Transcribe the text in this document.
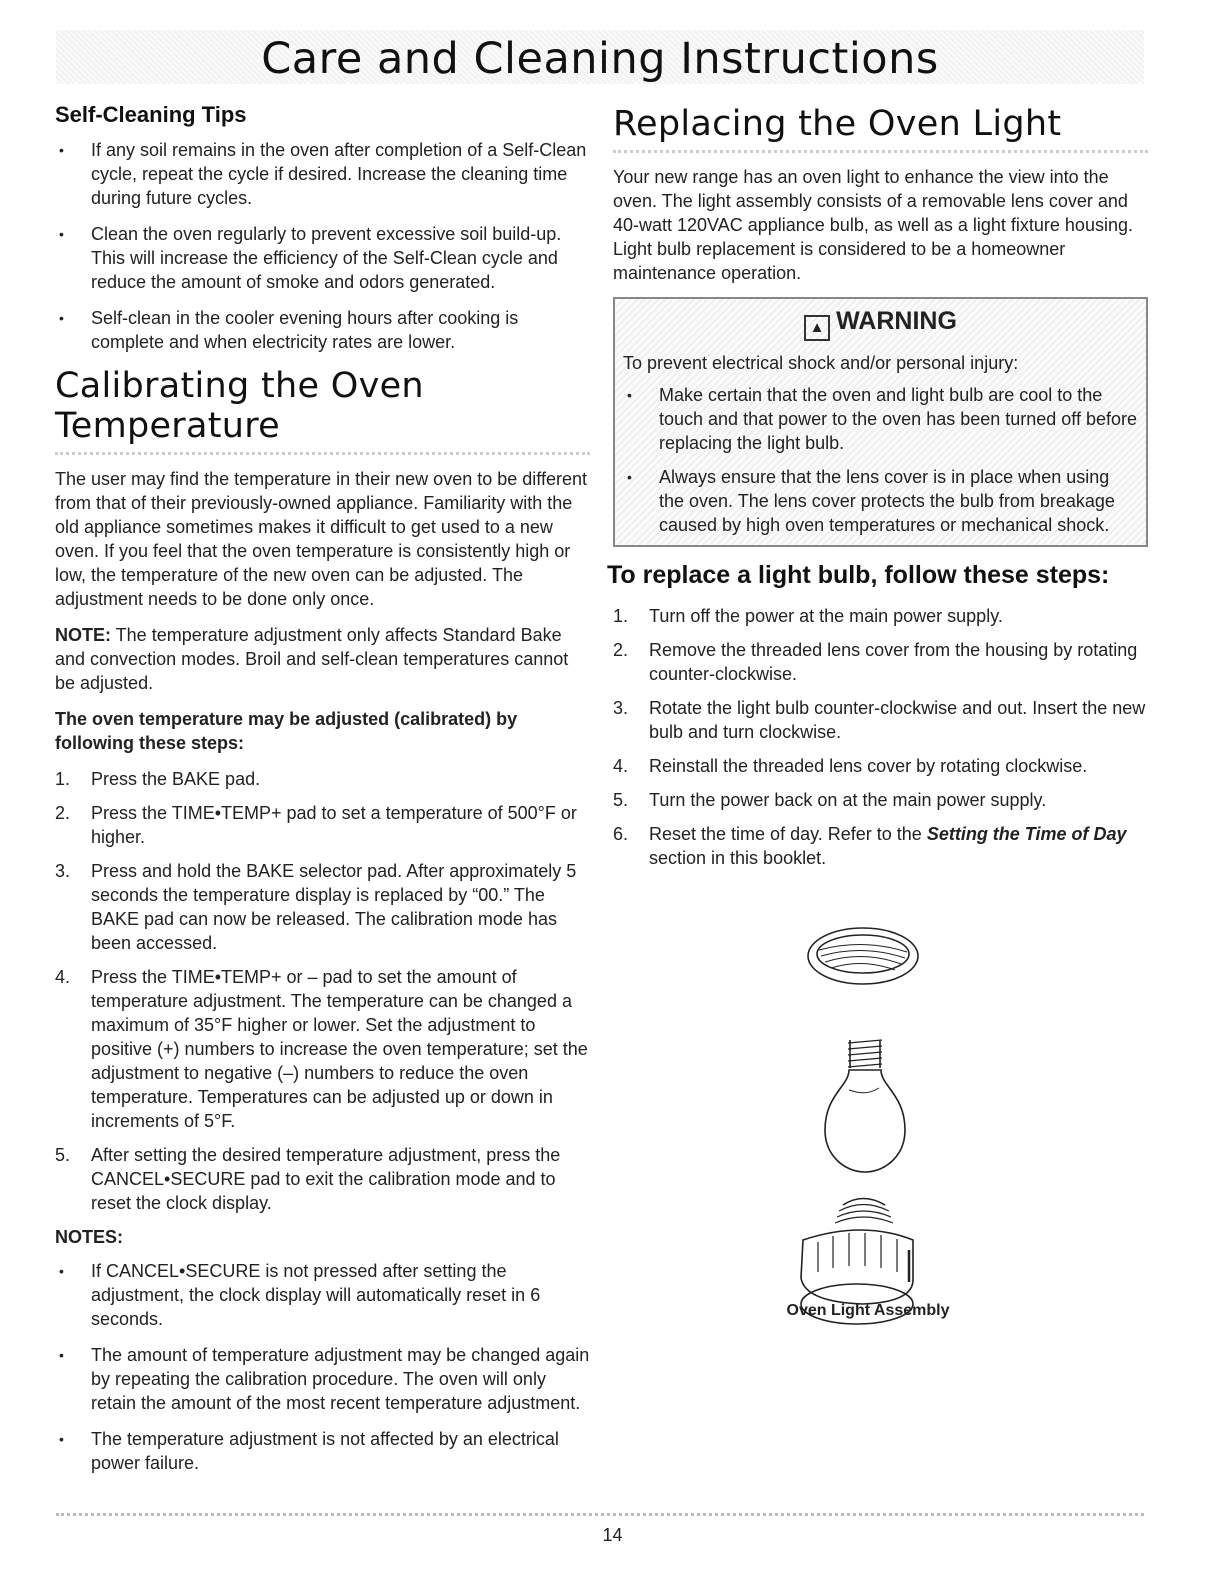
Care and Cleaning Instructions
Self-Cleaning Tips
• If any soil remains in the oven after completion of a Self-Clean cycle, repeat the cycle if desired. Increase the cleaning time during future cycles.
• Clean the oven regularly to prevent excessive soil build-up. This will increase the efficiency of the Self-Clean cycle and reduce the amount of smoke and odors generated.
• Self-clean in the cooler evening hours after cooking is complete and when electricity rates are lower.
Calibrating the Oven Temperature

The user may find the temperature in their new oven to be different from that of their previously-owned appliance. Familiarity with the old appliance sometimes makes it difficult to get used to a new oven. If you feel that the oven temperature is consistently high or low, the temperature of the new oven can be adjusted. The adjustment needs to be done only once.

NOTE: The temperature adjustment only affects Standard Bake and convection modes. Broil and self-clean temperatures cannot be adjusted.

The oven temperature may be adjusted (calibrated) by following these steps:
1. Press the BAKE pad.
2. Press the TIME•TEMP+ pad to set a temperature of 500°F or higher.
3. Press and hold the BAKE selector pad. After approximately 5 seconds the temperature display is replaced by “00.” The BAKE pad can now be released. The calibration mode has been accessed.
4. Press the TIME•TEMP+ or – pad to set the amount of temperature adjustment. The temperature can be changed a maximum of 35°F higher or lower. Set the adjustment to positive (+) numbers to increase the oven temperature; set the adjustment to negative (–) numbers to reduce the oven temperature. Temperatures can be adjusted up or down in increments of 5°F.
5. After setting the desired temperature adjustment, press the CANCEL•SECURE pad to exit the calibration mode and to reset the clock display.
NOTES:
• If CANCEL•SECURE is not pressed after setting the adjustment, the clock display will automatically reset in 6 seconds.
• The amount of temperature adjustment may be changed again by repeating the calibration procedure. The oven will only retain the amount of the most recent temperature adjustment.
• The temperature adjustment is not affected by an electrical power failure.
Replacing the Oven Light

Your new range has an oven light to enhance the view into the oven. The light assembly consists of a removable lens cover and 40-watt 120VAC appliance bulb, as well as a light fixture housing. Light bulb replacement is considered to be a homeowner maintenance operation.

▲ WARNING

To prevent electrical shock and/or personal injury:

• Make certain that the oven and light bulb are cool to the touch and that power to the oven has been turned off before replacing the light bulb.
• Always ensure that the lens cover is in place when using the oven. The lens cover protects the bulb from breakage caused by high oven temperatures or mechanical shock.
To replace a light bulb, follow these steps:
1. Turn off the power at the main power supply.
2. Remove the threaded lens cover from the housing by rotating counter-clockwise.
3. Rotate the light bulb counter-clockwise and out. Insert the new bulb and turn clockwise.
4. Reinstall the threaded lens cover by rotating clockwise.
5. Turn the power back on at the main power supply.
6. Reset the time of day. Refer to the Setting the Time of Day section in this booklet.
Oven Light Assembly
14
